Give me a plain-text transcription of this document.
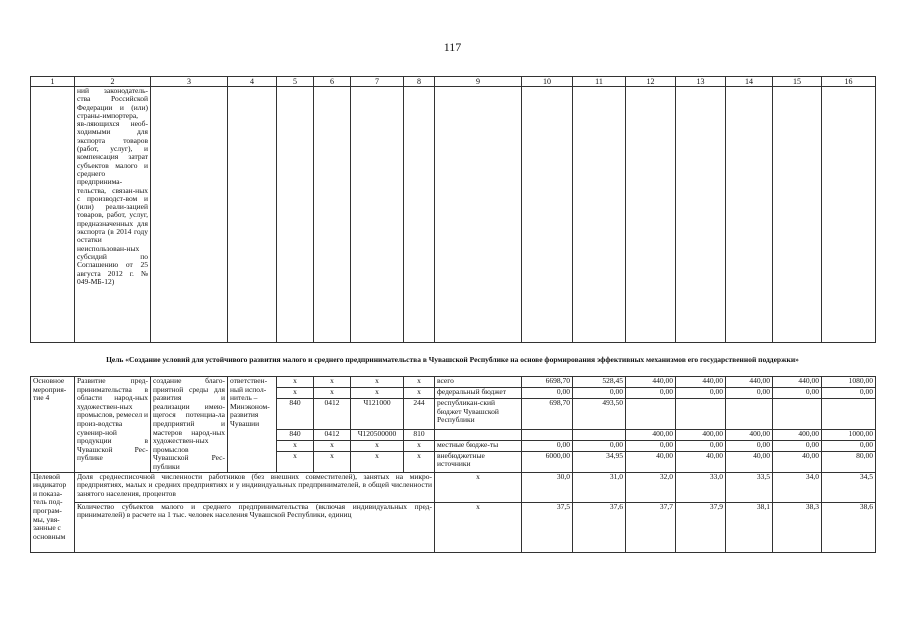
117
1	2	3	4	5	6	7	8	9	10	11	12	13	14	15	16
	ний законодатель-ства Российской Федерации и (или) страны-импортера, яв-ляющихся необ-ходимыми для экспорта товаров (работ, услуг), и компенсация затрат субъектов малого и среднего предпринима-тельства, связан-ных с производст-вом и (или) реали-зацией товаров, работ, услуг, предназначенных для экспорта (в 2014 году остатки неиспользован-ных субсидий по Соглашению от 25 августа 2012 г. № 049-МБ-12)														
Цель «Создание условий для устойчивого развития малого и среднего предпринимательства в Чувашской Республике на основе формирования эффективных механизмов его государственной поддержки»
Основное мероприя-тие 4	Развитие пред-принимательства в области народ-ных художествен-ных промыслов, ремесел и произ-водства сувенир-ной продукции в Чувашской Рес-публике	создание благо-приятной среды для развития и реализации имею-щегося потенциа-ла предприятий и мастеров народ-ных художествен-ных промыслов Чувашской Рес-публики	ответствен-ный испол-нитель – Минэконом-развития Чувашии	x	x	x	x	всего	6698,70	528,45	440,00	440,00	440,00	440,00	1080,00
				x	x	x	x	федеральный бюджет	0,00	0,00	0,00	0,00	0,00	0,00	0,00
				840	0412	Ч121000	244	республикан-ский бюджет Чувашской Республики	698,70	493,50					
				840	0412	Ч120500000	810				400,00	400,00	400,00	400,00	1000,00
				x	x	x	x	местные бюдже-ты	0,00	0,00	0,00	0,00	0,00	0,00	0,00
				x	x	x	x	внебюджетные источники	6000,00	34,95	40,00	40,00	40,00	40,00	80,00
Целевой индикатор и показа-тель под-програм-мы, увя-занные с основным	Доля среднесписочной численности работников (без внешних совместителей), занятых на микро-предприятиях, малых и средних предприятиях и у индивидуальных предпринимателей, в общей численности занятого населения, процентов							x	30,0	31,0	32,0	33,0	33,5	34,0	34,5
	Количество субъектов малого и среднего предпринимательства (включая индивидуальных пред-принимателей) в расчете на 1 тыс. человек населения Чувашской Республики, единиц							x	37,5	37,6	37,7	37,9	38,1	38,3	38,6
